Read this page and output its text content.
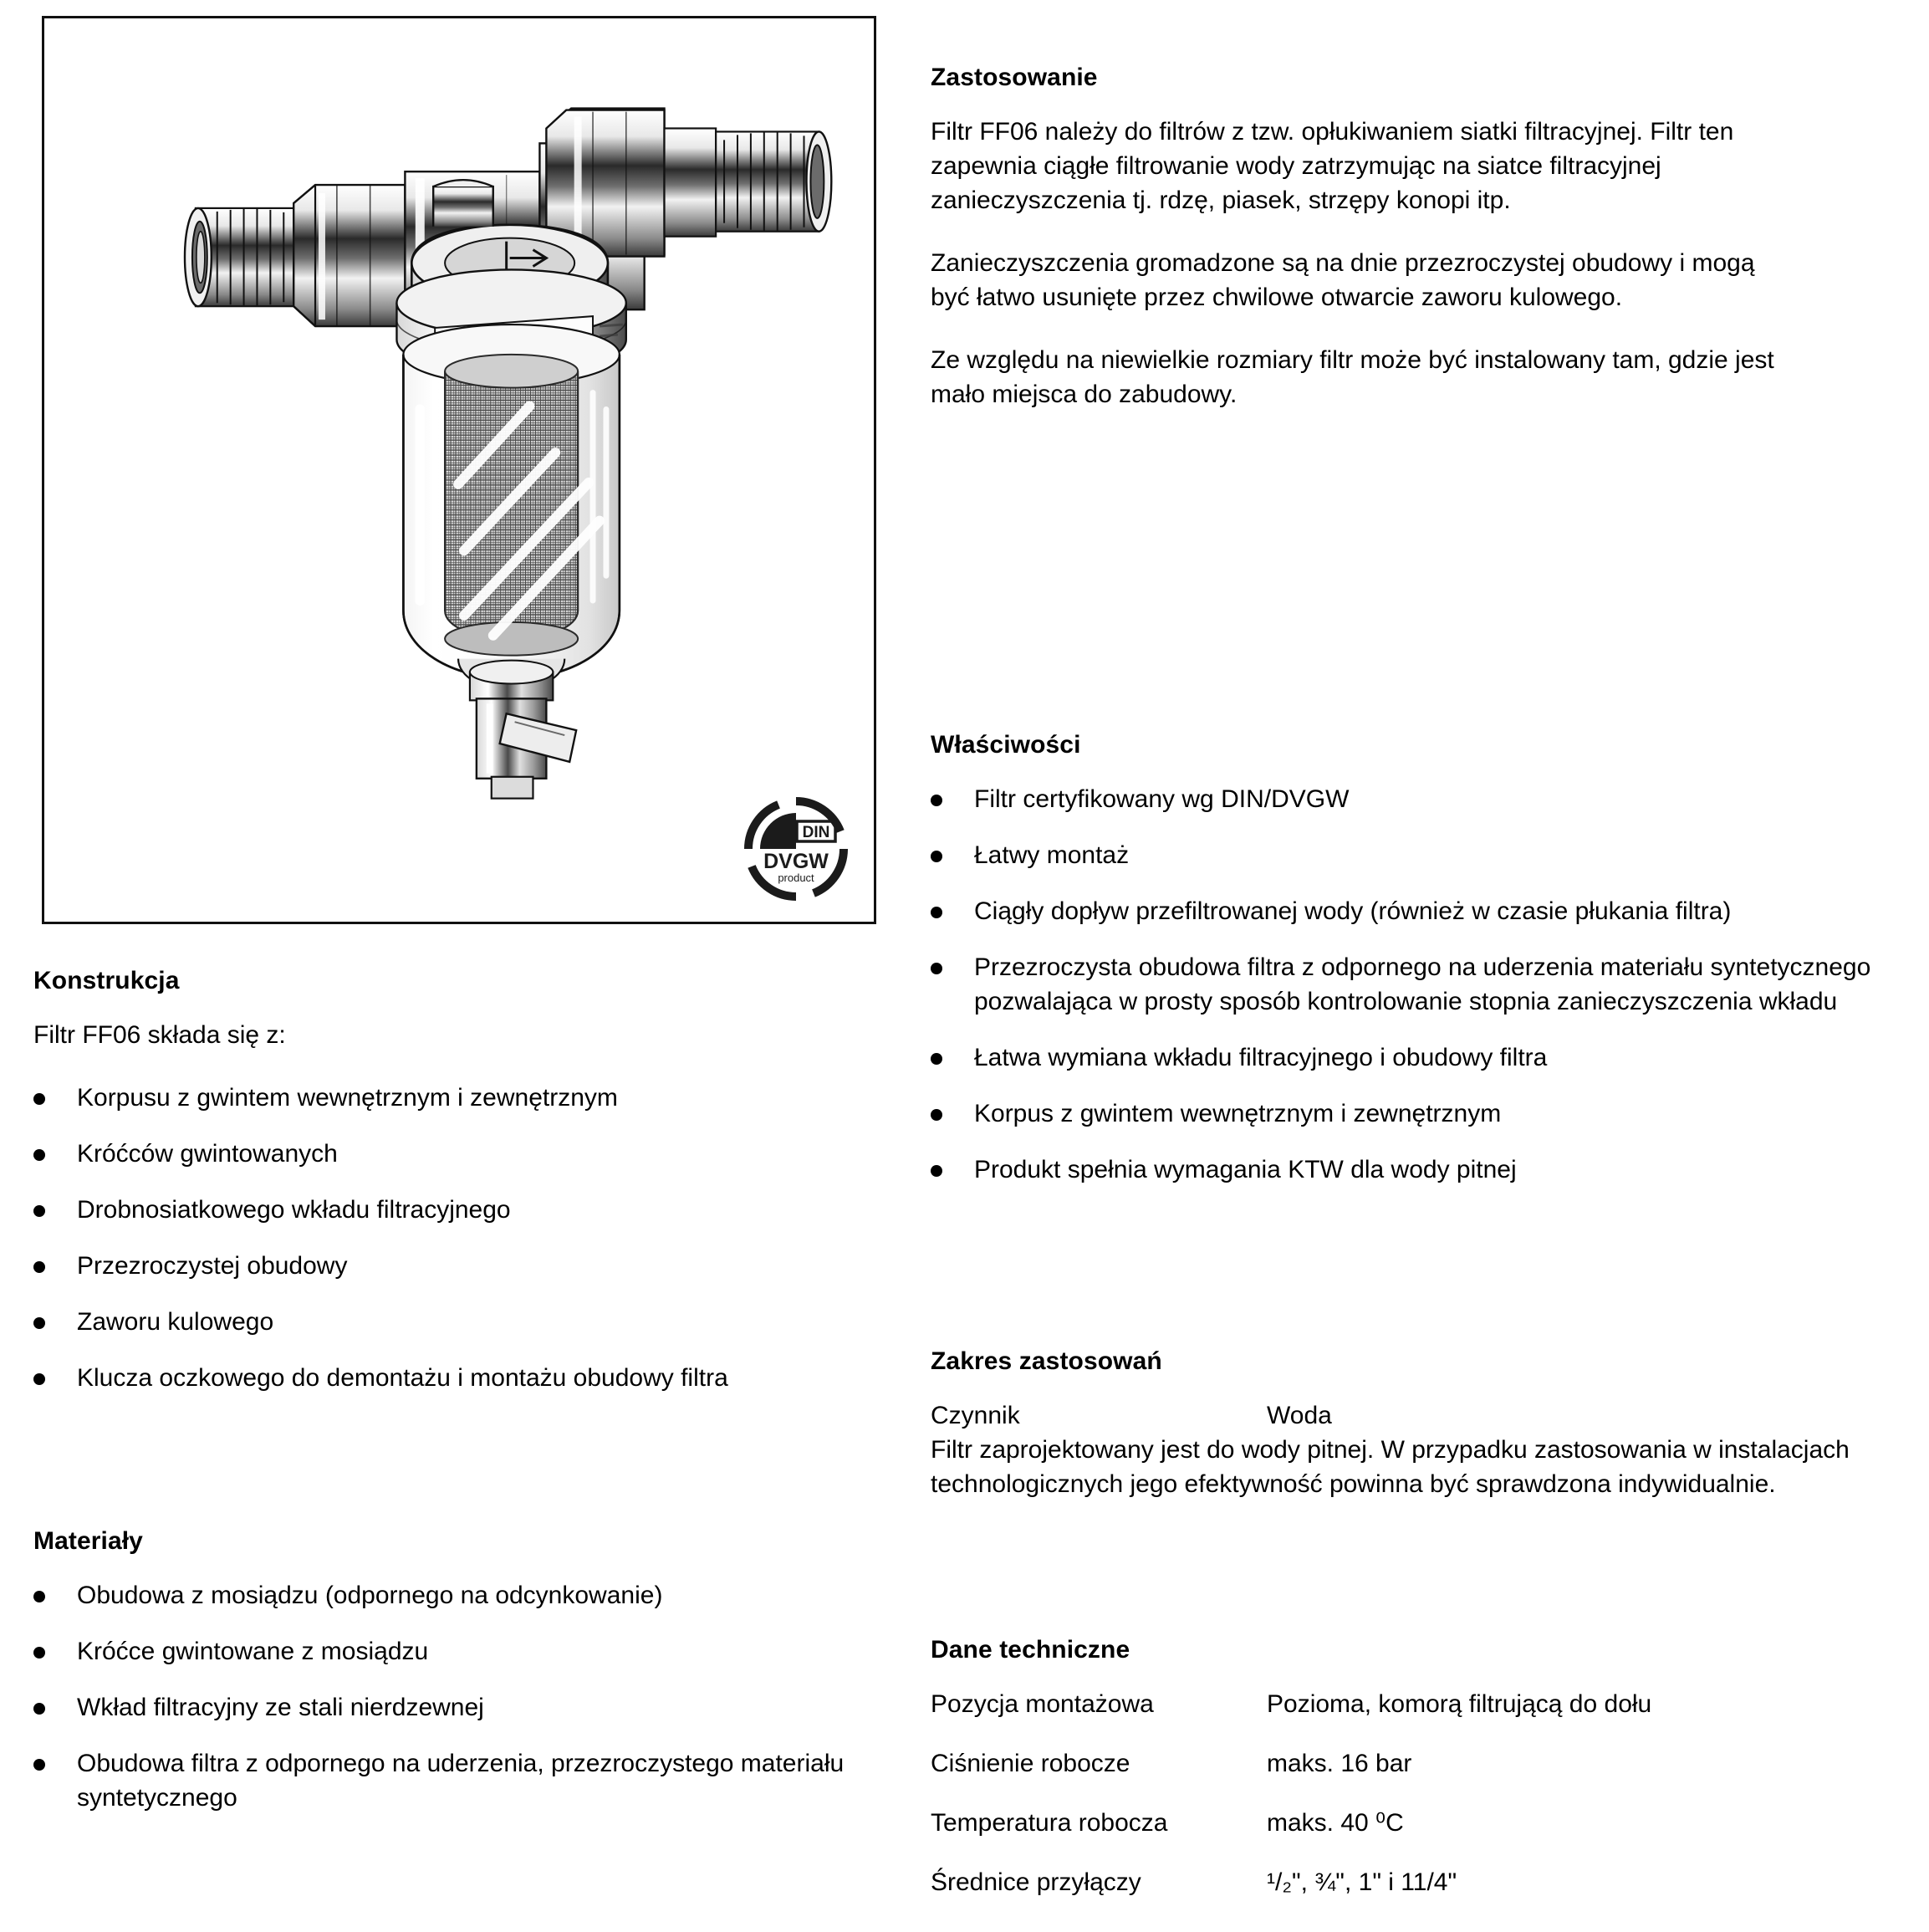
DIN
DVGW
product
Konstrukcja

Filtr FF06 składa się z:

Korpusu z gwintem wewnętrznym i zewnętrznym
Króćców gwintowanych
Drobnosiatkowego wkładu filtracyjnego
Przezroczystej obudowy
Zaworu kulowego
Klucza oczkowego do demontażu i montażu obudowy filtra
Materiały
Obudowa z mosiądzu (odpornego na odcynkowanie)
Króćce gwintowane z mosiądzu
Wkład filtracyjny ze stali nierdzewnej
Obudowa filtra z odpornego na uderzenia, przezroczystego materiału syntetycznego
Zastosowanie

Filtr FF06 należy do filtrów z tzw. opłukiwaniem siatki filtracyjnej. Filtr ten zapewnia ciągłe filtrowanie wody zatrzymując na siatce filtracyjnej zanieczyszczenia tj. rdzę, piasek, strzępy konopi itp.

Zanieczyszczenia gromadzone są na dnie przezroczystej obudowy i mogą być łatwo usunięte przez chwilowe otwarcie zaworu kulowego.

Ze względu na niewielkie rozmiary filtr może być instalowany tam, gdzie jest mało miejsca do zabudowy.

Właściwości
Filtr certyfikowany wg DIN/DVGW
Łatwy montaż
Ciągły dopływ przefiltrowanej wody (również w czasie płukania filtra)
Przezroczysta obudowa filtra z odpornego na uderzenia materiału syntetycznego pozwalająca w prosty sposób kontrolowanie stopnia zanieczyszczenia wkładu
Łatwa wymiana wkładu filtracyjnego i obudowy filtra
Korpus z gwintem wewnętrznym i zewnętrznym
Produkt spełnia wymagania KTW dla wody pitnej
Zakres zastosowań
Czynnik	Woda

Filtr zaprojektowany jest do wody pitnej. W przypadku zastosowania w instalacjach technologicznych jego efektywność powinna być sprawdzona indywidualnie.

Dane techniczne
Pozycja montażowa	Pozioma, komorą filtrującą do dołu
Ciśnienie robocze	maks. 16 bar
Temperatura robocza	maks. 40 ⁰C
Średnice przyłączy	¹/₂", ¾", 1" i 11/4"
